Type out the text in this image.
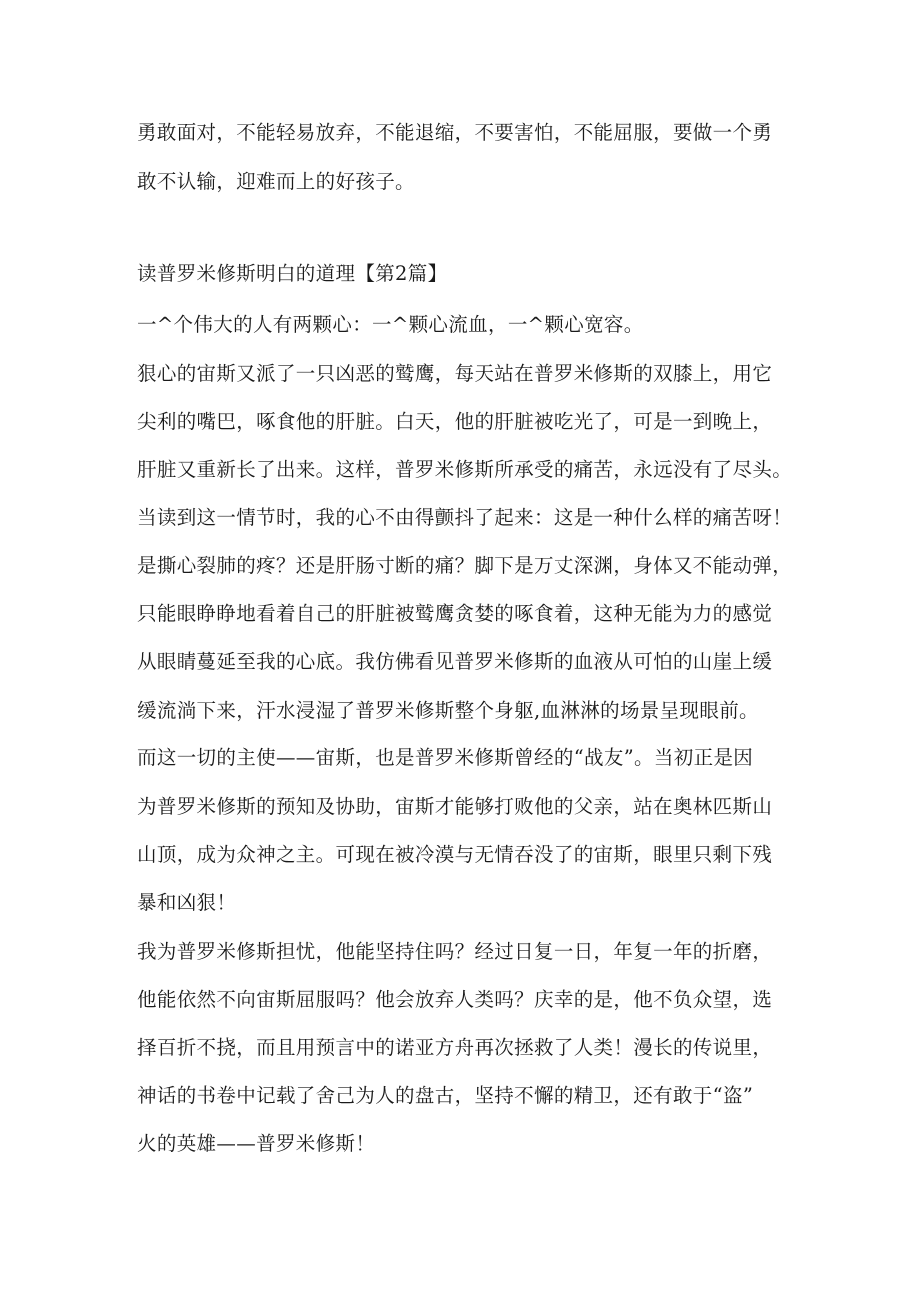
勇敢面对，不能轻易放弃，不能退缩，不要害怕，不能屈服，要做一个勇
敢不认输，迎难而上的好孩子。
读普罗米修斯明白的道理【第2篇】
一^个伟大的人有两颗心：一^颗心流血，一^颗心宽容。
狠心的宙斯又派了一只凶恶的鹫鹰，每天站在普罗米修斯的双膝上，用它
尖利的嘴巴，啄食他的肝脏。白天，他的肝脏被吃光了，可是一到晚上，
肝脏又重新长了出来。这样，普罗米修斯所承受的痛苦，永远没有了尽头。
当读到这一情节时，我的心不由得颤抖了起来：这是一种什么样的痛苦呀！
是撕心裂肺的疼？还是肝肠寸断的痛？脚下是万丈深渊，身体又不能动弹，
只能眼睁睁地看着自己的肝脏被鹫鹰贪婪的啄食着，这种无能为力的感觉
从眼睛蔓延至我的心底。我仿佛看见普罗米修斯的血液从可怕的山崖上缓
缓流淌下来，汗水浸湿了普罗米修斯整个身躯,血淋淋的场景呈现眼前。
而这一切的主使——宙斯，也是普罗米修斯曾经的“战友”。当初正是因
为普罗米修斯的预知及协助，宙斯才能够打败他的父亲，站在奥林匹斯山
山顶，成为众神之主。可现在被冷漠与无情吞没了的宙斯，眼里只剩下残
暴和凶狠！
我为普罗米修斯担忧，他能坚持住吗？经过日复一日，年复一年的折磨，
他能依然不向宙斯屈服吗？他会放弃人类吗？庆幸的是，他不负众望，选
择百折不挠，而且用预言中的诺亚方舟再次拯救了人类！漫长的传说里，
神话的书卷中记载了舍己为人的盘古，坚持不懈的精卫，还有敢于“盗”
火的英雄——普罗米修斯！
